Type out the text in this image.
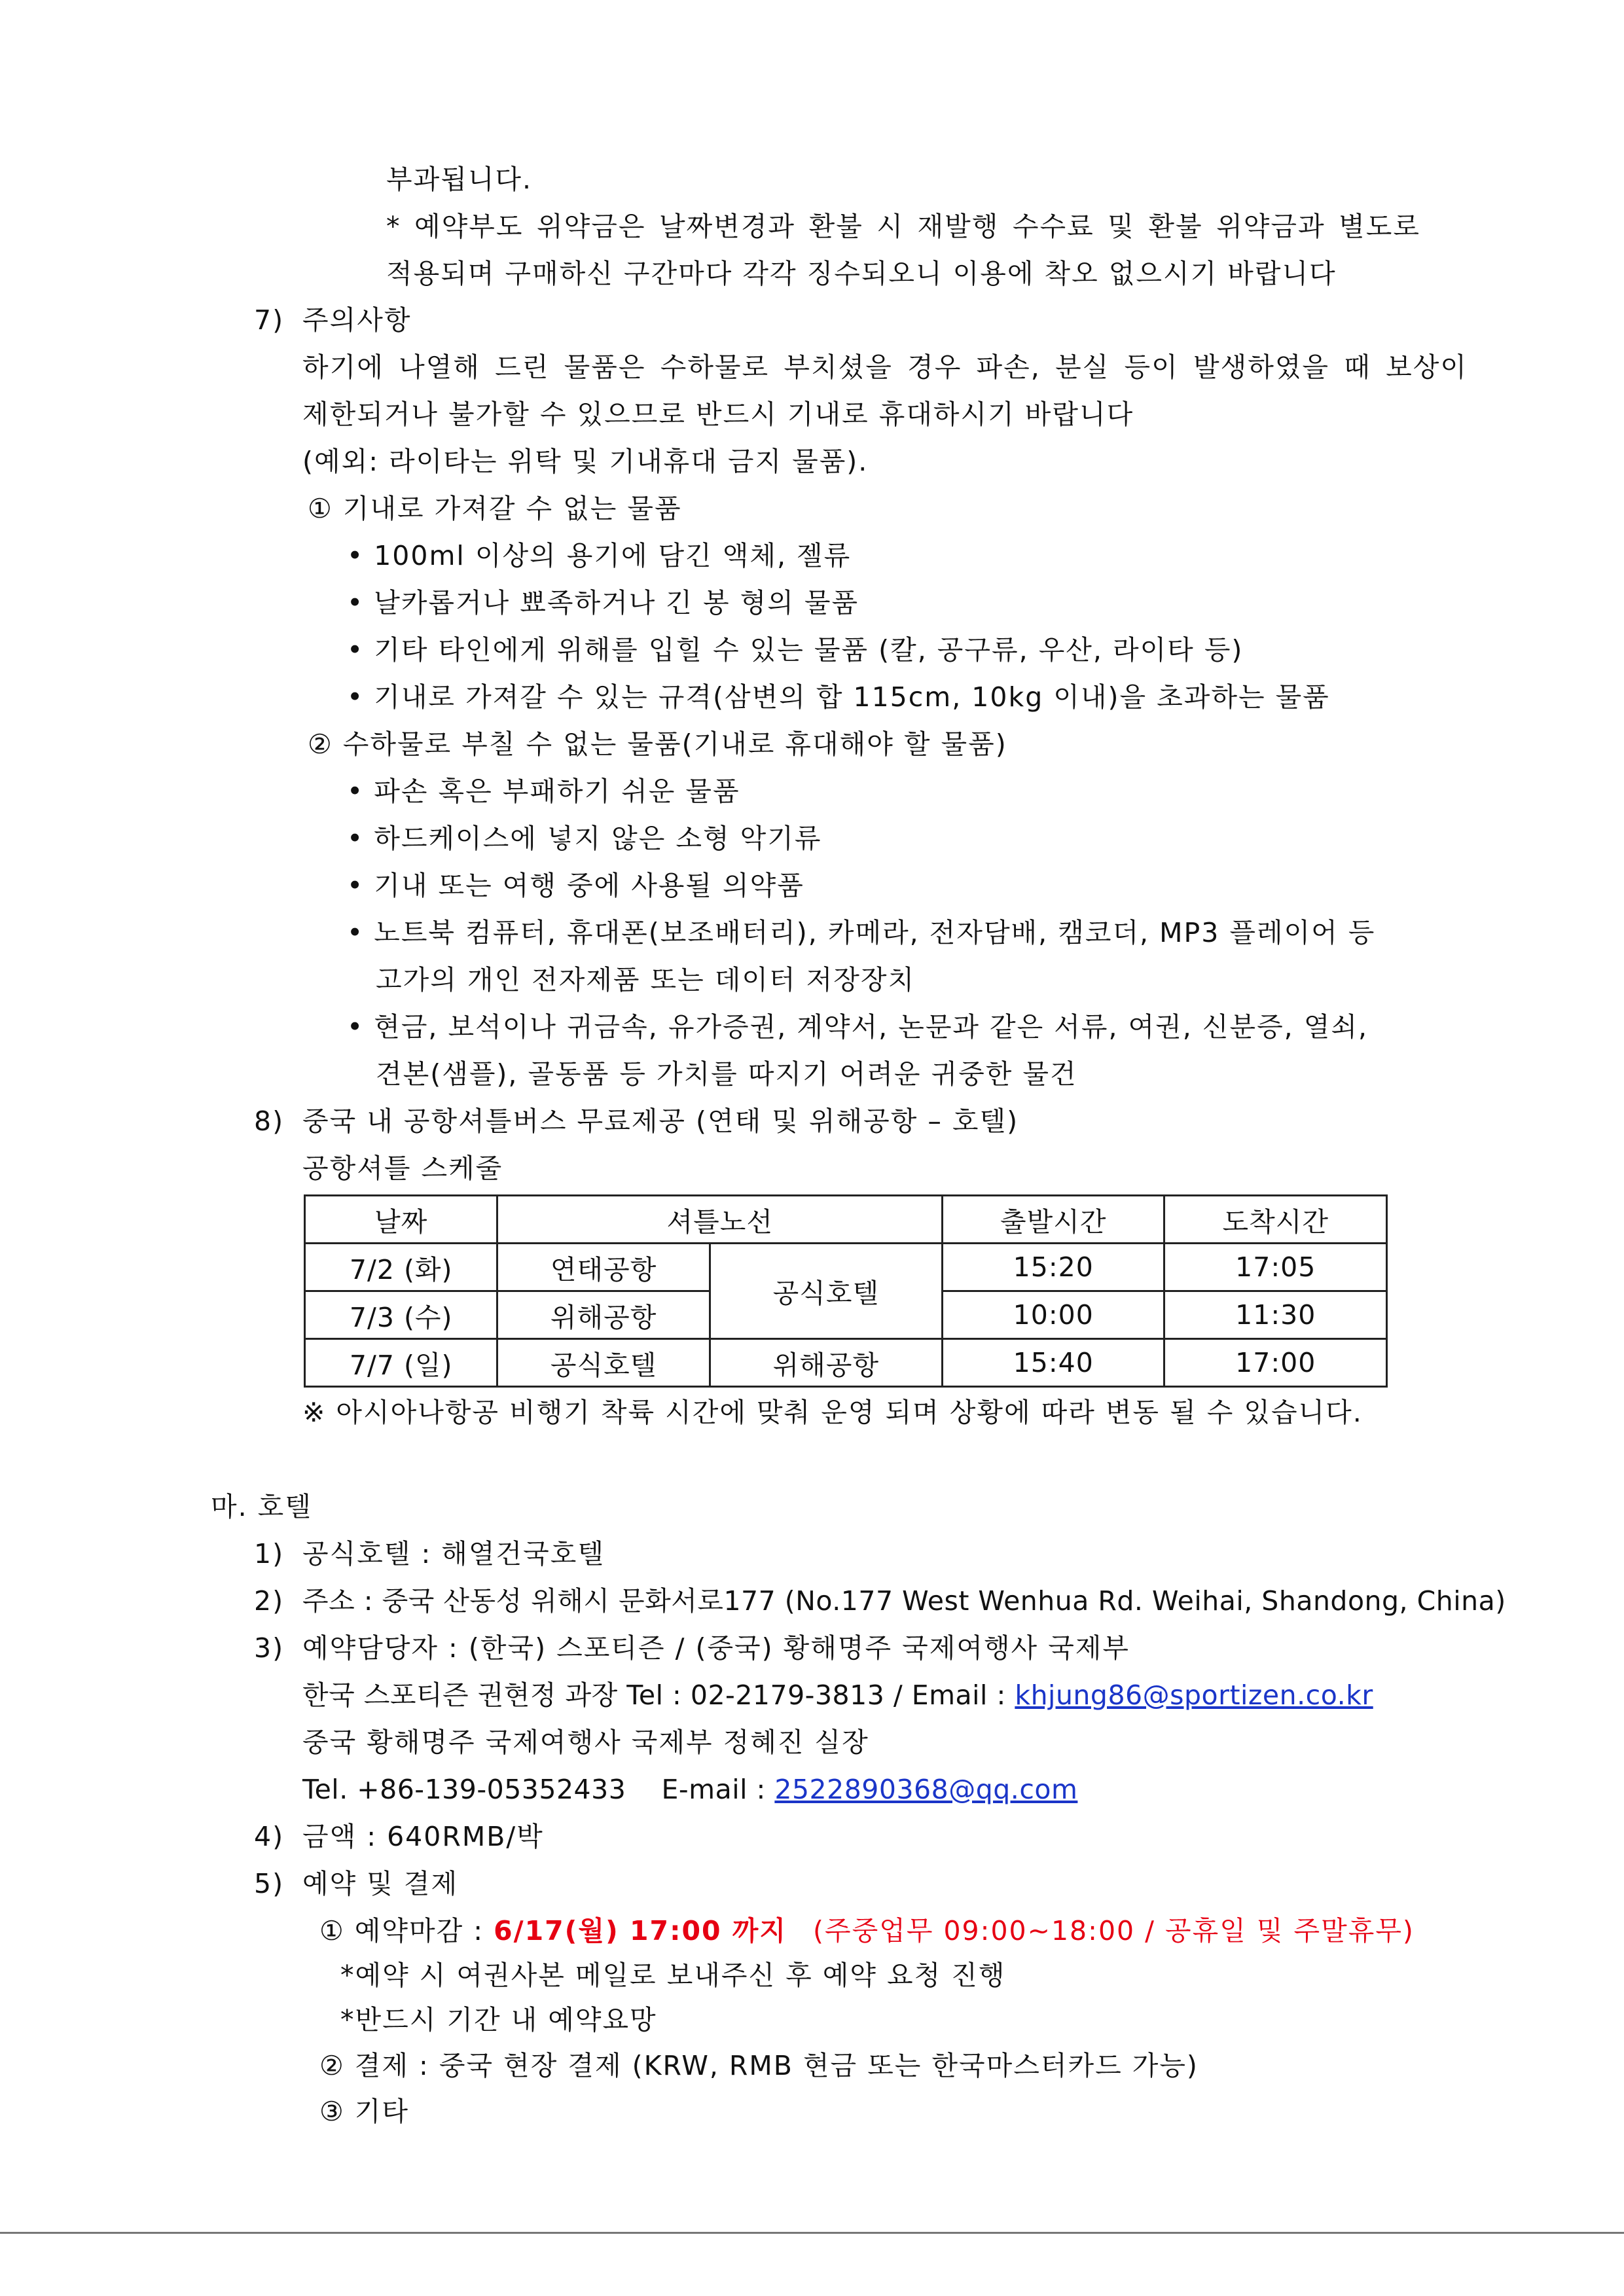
부과됩니다.
* 예약부도 위약금은 날짜변경과 환불 시 재발행 수수료 및 환불 위약금과 별도로
적용되며 구매하신 구간마다 각각 징수되오니 이용에 착오 없으시기 바랍니다
7) 주의사항
하기에 나열해 드린 물품은 수하물로 부치셨을 경우 파손, 분실 등이 발생하였을 때 보상이
제한되거나 불가할 수 있으므로 반드시 기내로 휴대하시기 바랍니다
(예외: 라이타는 위탁 및 기내휴대 금지 물품).
① 기내로 가져갈 수 없는 물품
• 100ml 이상의 용기에 담긴 액체, 젤류
• 날카롭거나 뾰족하거나 긴 봉 형의 물품
• 기타 타인에게 위해를 입힐 수 있는 물품 (칼, 공구류, 우산, 라이타 등)
• 기내로 가져갈 수 있는 규격(삼변의 합 115cm, 10kg 이내)을 초과하는 물품
② 수하물로 부칠 수 없는 물품(기내로 휴대해야 할 물품)
• 파손 혹은 부패하기 쉬운 물품
• 하드케이스에 넣지 않은 소형 악기류
• 기내 또는 여행 중에 사용될 의약품
• 노트북 컴퓨터, 휴대폰(보조배터리), 카메라, 전자담배, 캠코더, MP3 플레이어 등
고가의 개인 전자제품 또는 데이터 저장장치
• 현금, 보석이나 귀금속, 유가증권, 계약서, 논문과 같은 서류, 여권, 신분증, 열쇠,
견본(샘플), 골동품 등 가치를 따지기 어려운 귀중한 물건
8) 중국 내 공항셔틀버스 무료제공 (연태 및 위해공항 – 호텔)
공항셔틀 스케줄
날짜	셔틀노선		출발시간	도착시간
7/2 (화)	연태공항	공식호텔	15:20	17:05
7/3 (수)	위해공항		10:00	11:30
7/7 (일)	공식호텔	위해공항	15:40	17:00
※ 아시아나항공 비행기 착륙 시간에 맞춰 운영 되며 상황에 따라 변동 될 수 있습니다.
마. 호텔
1) 공식호텔 : 해열건국호텔
2) 주소 : 중국 산동성 위해시 문화서로177 (No.177 West Wenhua Rd. Weihai, Shandong, China)
3) 예약담당자 : (한국) 스포티즌 / (중국) 황해명주 국제여행사 국제부
한국 스포티즌 권현정 과장 Tel : 02-2179-3813 / Email : khjung86@sportizen.co.kr
중국 황해명주 국제여행사 국제부 정혜진 실장
Tel. +86-139-05352433    E-mail : 2522890368@qq.com
4) 금액 : 640RMB/박
5) 예약 및 결제
① 예약마감 : 6/17(월) 17:00 까지 (주중업무 09:00~18:00 / 공휴일 및 주말휴무)
*예약 시 여권사본 메일로 보내주신 후 예약 요청 진행
*반드시 기간 내 예약요망
② 결제 : 중국 현장 결제 (KRW, RMB 현금 또는 한국마스터카드 가능)
③ 기타
